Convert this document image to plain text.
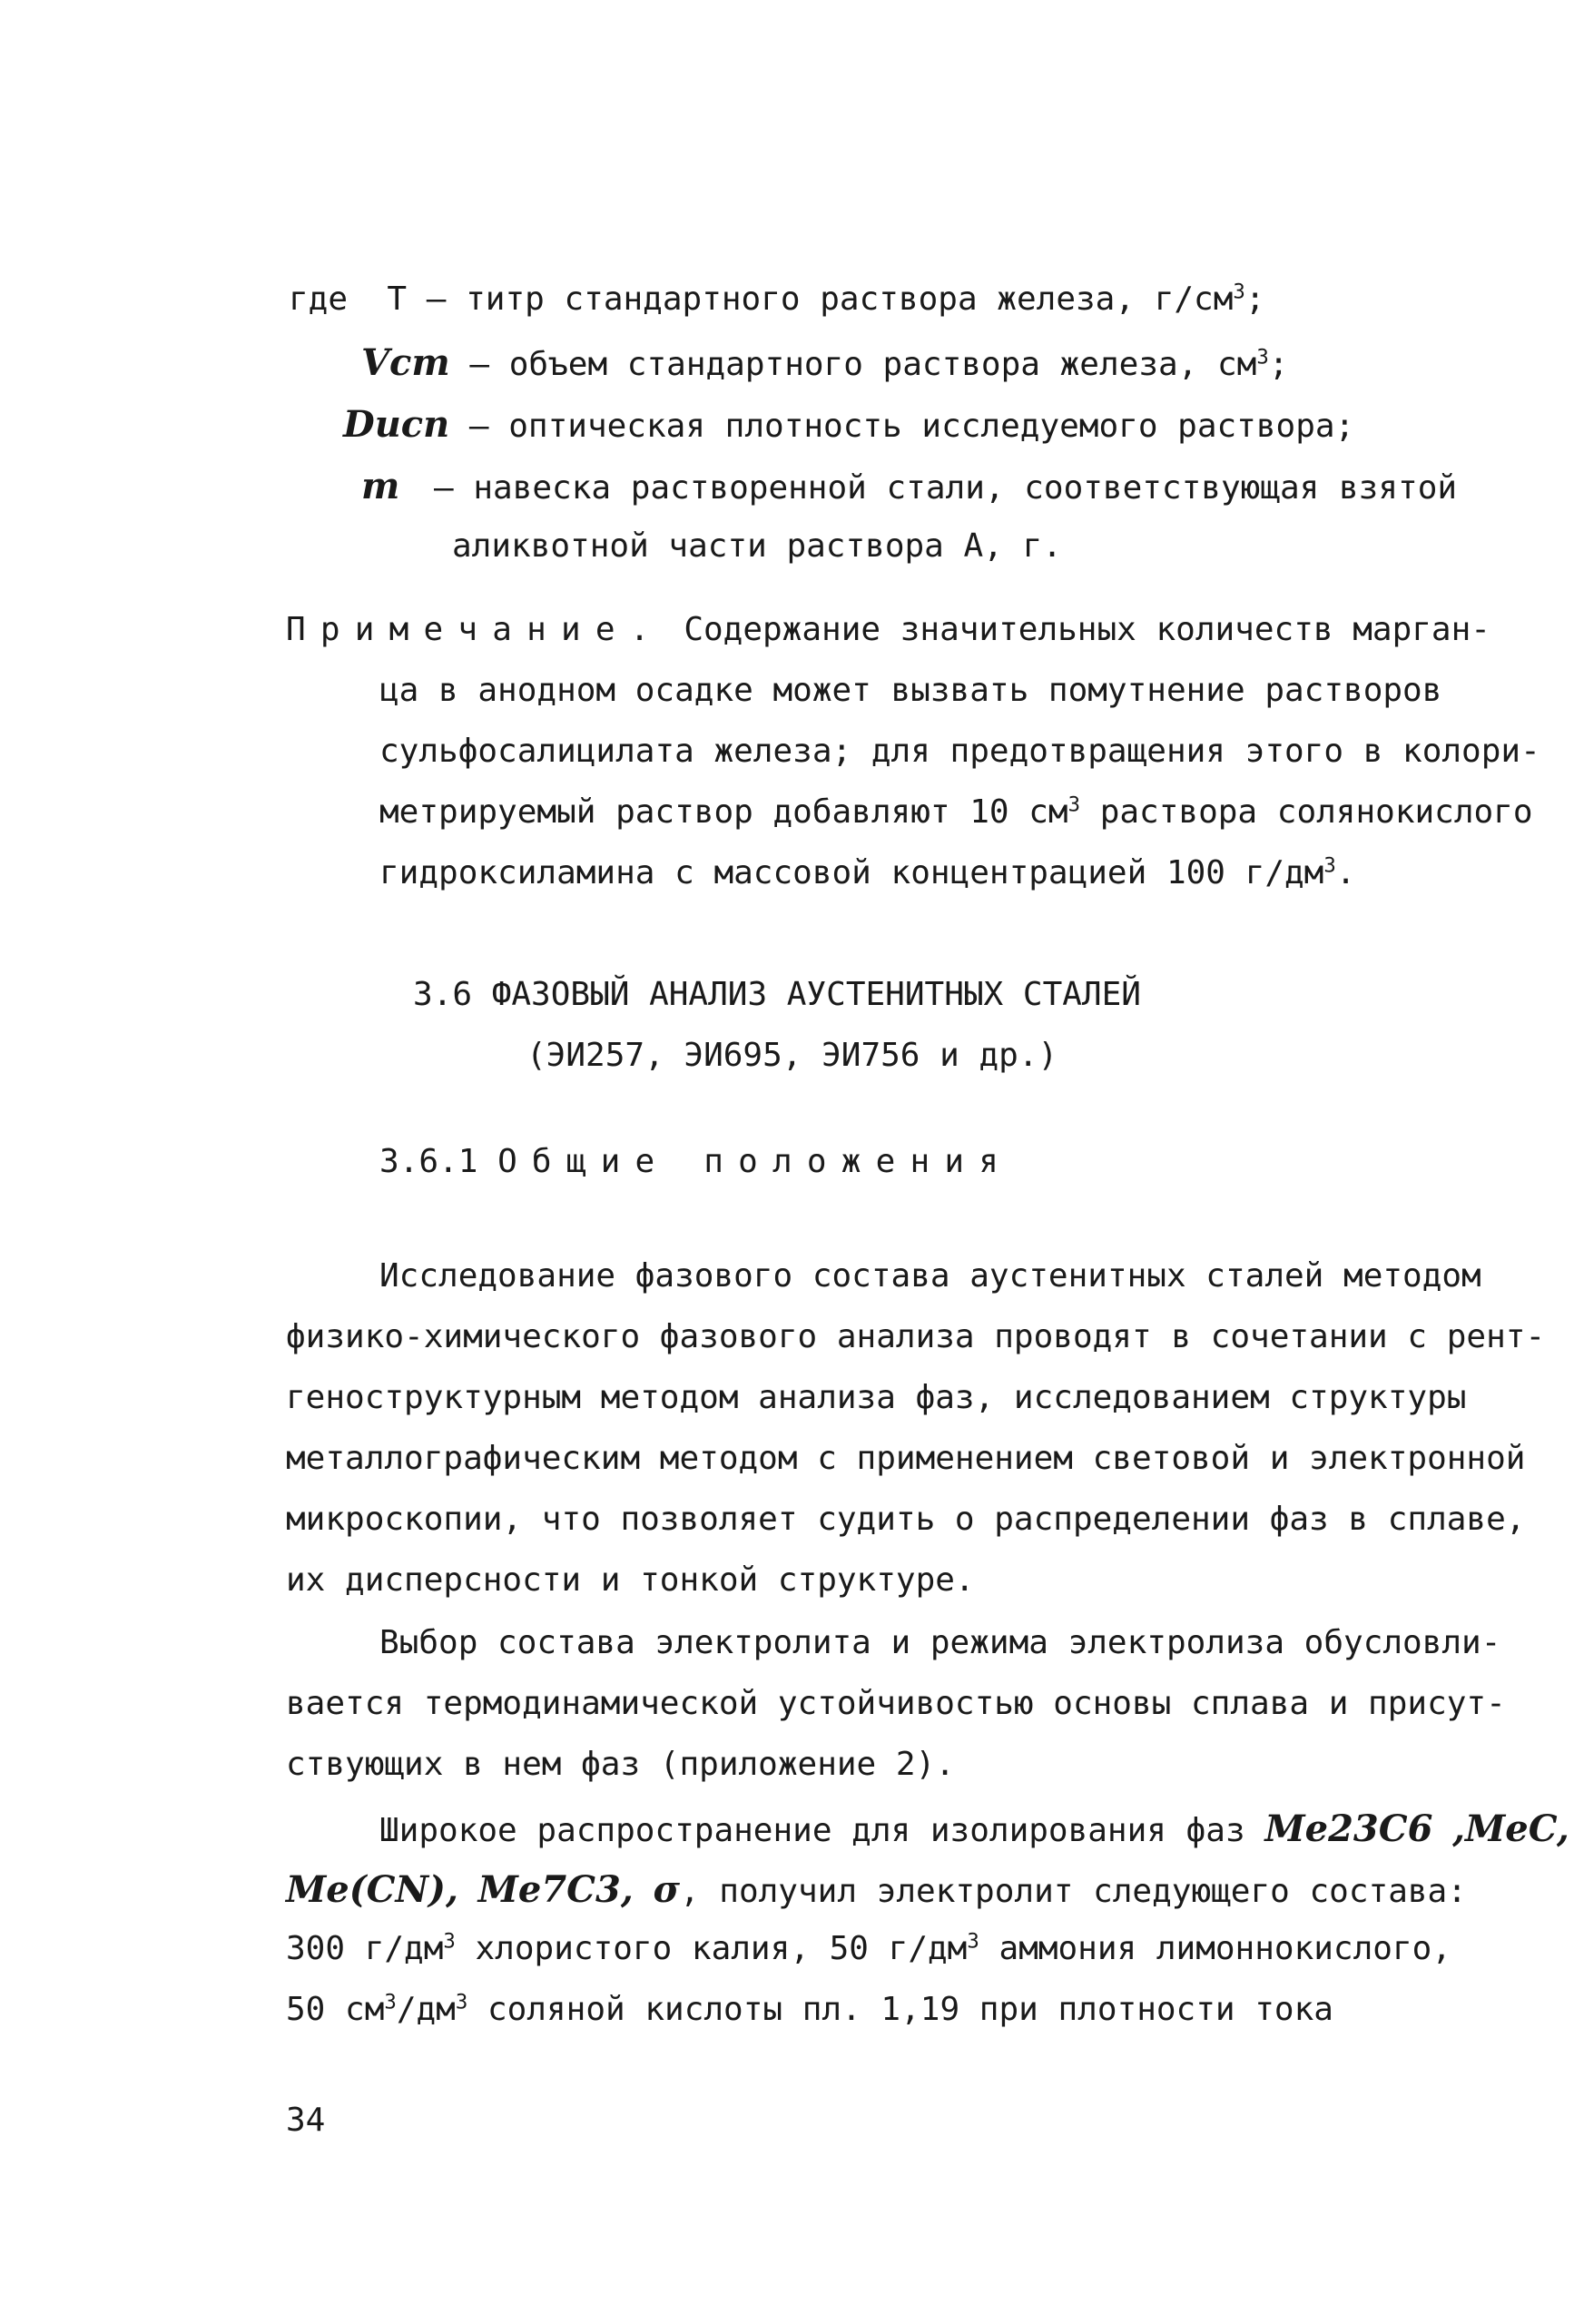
где Т – титр стандартного раствора железа, $г/см^3$;
Vст – объем стандартного раствора железа, $см^3$;
Dисп – оптическая плотность исследуемого раствора;
m – навеска растворенной стали, соответствующая взятой
аликвотной части раствора А, г.
Примечание. Содержание значительных количеств марган-
ца в анодном осадке может вызвать помутнение растворов
сульфосалицилата железа; для предотвращения этого в колори-
метрируемый раствор добавляют 10 $см^3$ раствора солянокислого
гидроксиламина с массовой концентрацией 100 $г/дм^3$.
3.6 ФАЗОВЫЙ АНАЛИЗ АУСТЕНИТНЫХ СТАЛЕЙ
(ЭИ257, ЭИ695, ЭИ756 и др.)
3.6.1 Общие положения
Исследование фазового состава аустенитных сталей методом
физико-химического фазового анализа проводят в сочетании с рент-
геноструктурным методом анализа фаз, исследованием структуры
металлографическим методом с применением световой и электронной
микроскопии, что позволяет судить о распределении фаз в сплаве,
их дисперсности и тонкой структуре.
Выбор состава электролита и режима электролиза обусловли-
вается термодинамической устойчивостью основы сплава и присут-
ствующих в нем фаз (приложение 2).
Широкое распространение для изолирования фаз Me23C6 ,MeC,
Me(CN), Me7C3, σ, получил электролит следующего состава:
300 $г/дм^3$ хлористого калия, 50 $г/дм^3$ аммония лимоннокислого,
50 $см^3/дм^3$ соляной кислоты пл. 1,19 при плотности тока
34
